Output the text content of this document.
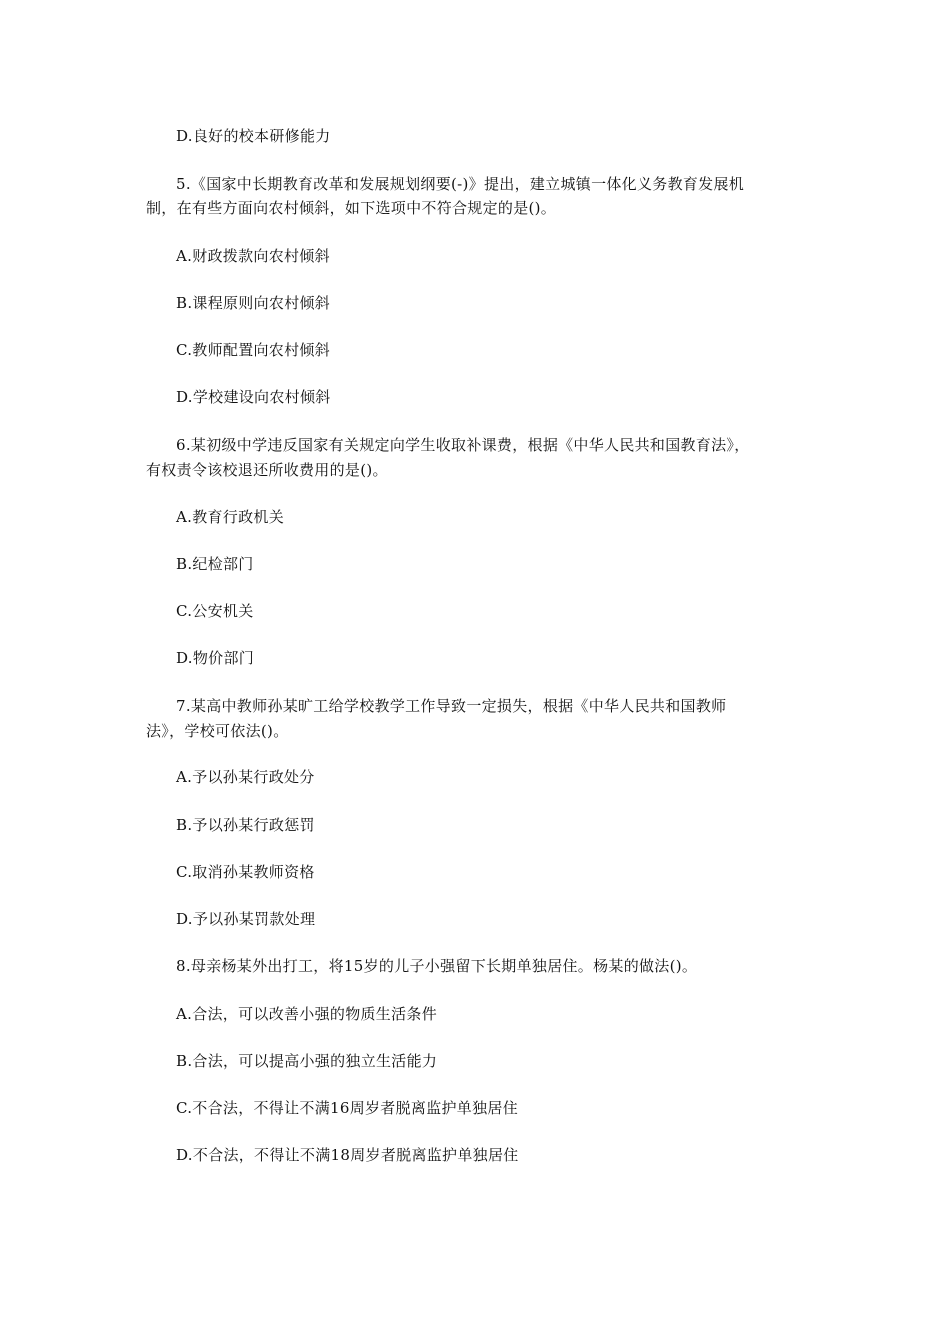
D.良好的校本研修能力
5.《国家中长期教育改革和发展规划纲要(-)》提出，建立城镇一体化义务教育发展机
制，在有些方面向农村倾斜，如下选项中不符合规定的是()。
A.财政拨款向农村倾斜
B.课程原则向农村倾斜
C.教师配置向农村倾斜
D.学校建设向农村倾斜
6.某初级中学违反国家有关规定向学生收取补课费，根据《中华人民共和国教育法》，
有权责令该校退还所收费用的是()。
A.教育行政机关
B.纪检部门
C.公安机关
D.物价部门
7.某高中教师孙某旷工给学校教学工作导致一定损失，根据《中华人民共和国教师
法》，学校可依法()。
A.予以孙某行政处分
B.予以孙某行政惩罚
C.取消孙某教师资格
D.予以孙某罚款处理
8.母亲杨某外出打工，将15岁的儿子小强留下长期单独居住。杨某的做法()。
A.合法，可以改善小强的物质生活条件
B.合法，可以提高小强的独立生活能力
C.不合法，不得让不满16周岁者脱离监护单独居住
D.不合法，不得让不满18周岁者脱离监护单独居住
